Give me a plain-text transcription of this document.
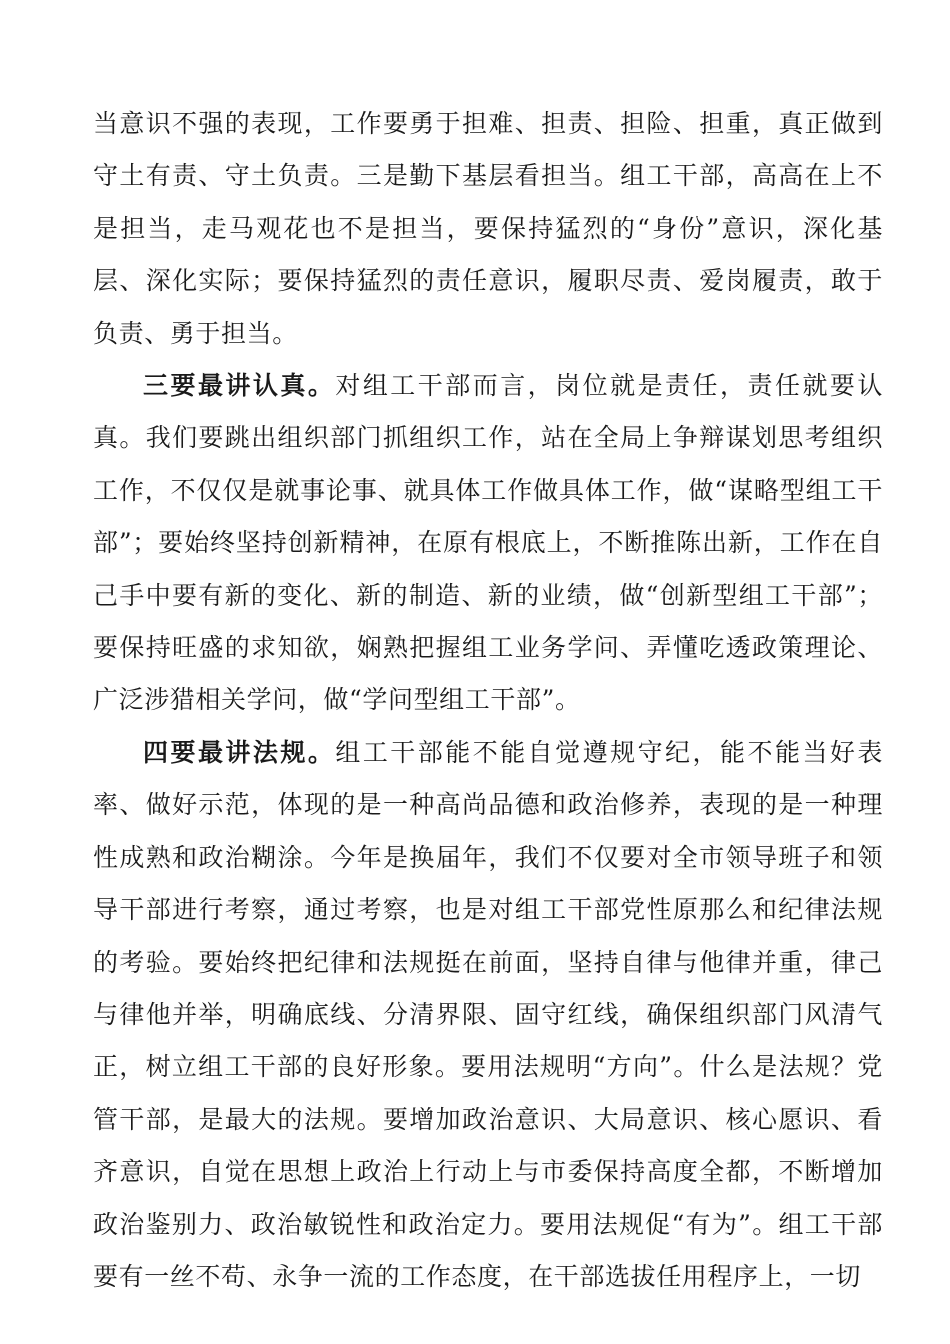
当意识不强的表现，工作要勇于担难、担责、担险、担重，真正做到守土有责、守土负责。三是勤下基层看担当。组工干部，高高在上不是担当，走马观花也不是担当，要保持猛烈的“身份”意识，深化基层、深化实际；要保持猛烈的责任意识，履职尽责、爱岗履责，敢于负责、勇于担当。

三要最讲认真。对组工干部而言，岗位就是责任，责任就要认真。我们要跳出组织部门抓组织工作，站在全局上争辩谋划思考组织工作，不仅仅是就事论事、就具体工作做具体工作，做“谋略型组工干部”；要始终坚持创新精神，在原有根底上，不断推陈出新，工作在自己手中要有新的变化、新的制造、新的业绩，做“创新型组工干部”；要保持旺盛的求知欲，娴熟把握组工业务学问、弄懂吃透政策理论、广泛涉猎相关学问，做“学问型组工干部”。

四要最讲法规。组工干部能不能自觉遵规守纪，能不能当好表率、做好示范，体现的是一种高尚品德和政治修养，表现的是一种理性成熟和政治糊涂。今年是换届年，我们不仅要对全市领导班子和领导干部进行考察，通过考察，也是对组工干部党性原那么和纪律法规的考验。要始终把纪律和法规挺在前面，坚持自律与他律并重，律己与律他并举，明确底线、分清界限、固守红线，确保组织部门风清气正，树立组工干部的良好形象。要用法规明“方向”。什么是法规？党管干部，是最大的法规。要增加政治意识、大局意识、核心愿识、看齐意识，自觉在思想上政治上行动上与市委保持高度全都，不断增加政治鉴别力、政治敏锐性和政治定力。要用法规促“有为”。组工干部要有一丝不苟、永争一流的工作态度，在干部选拔任用程序上，一切
